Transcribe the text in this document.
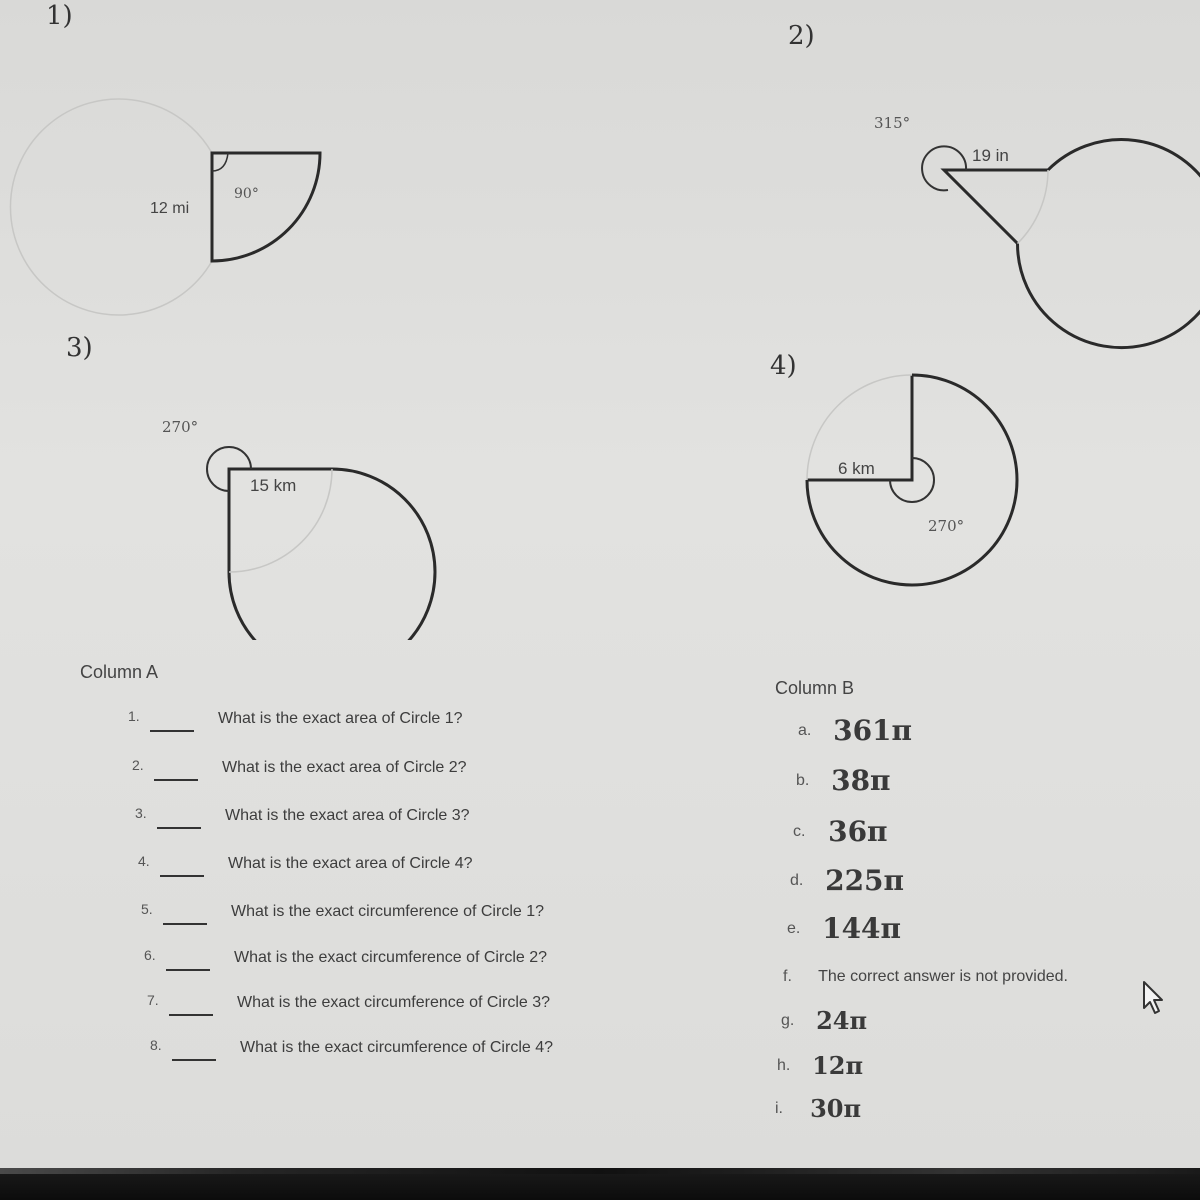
1)
12 mi
90°
2)
315°
19 in
3)
270°
15 km
4)
6 km
270°
Column A
1.	What is the exact area of Circle 1?
2.	What is the exact area of Circle 2?
3.	What is the exact area of Circle 3?
4.	What is the exact area of Circle 4?
5.	What is the exact circumference of Circle 1?
6.	What is the exact circumference of Circle 2?
7.	What is the exact circumference of Circle 3?
8.	What is the exact circumference of Circle 4?
Column B
a. 361π
b. 38π
c. 36π
d. 225π
e. 144π
f. The correct answer is not provided.
g. 24π
h. 12π
i. 30π
